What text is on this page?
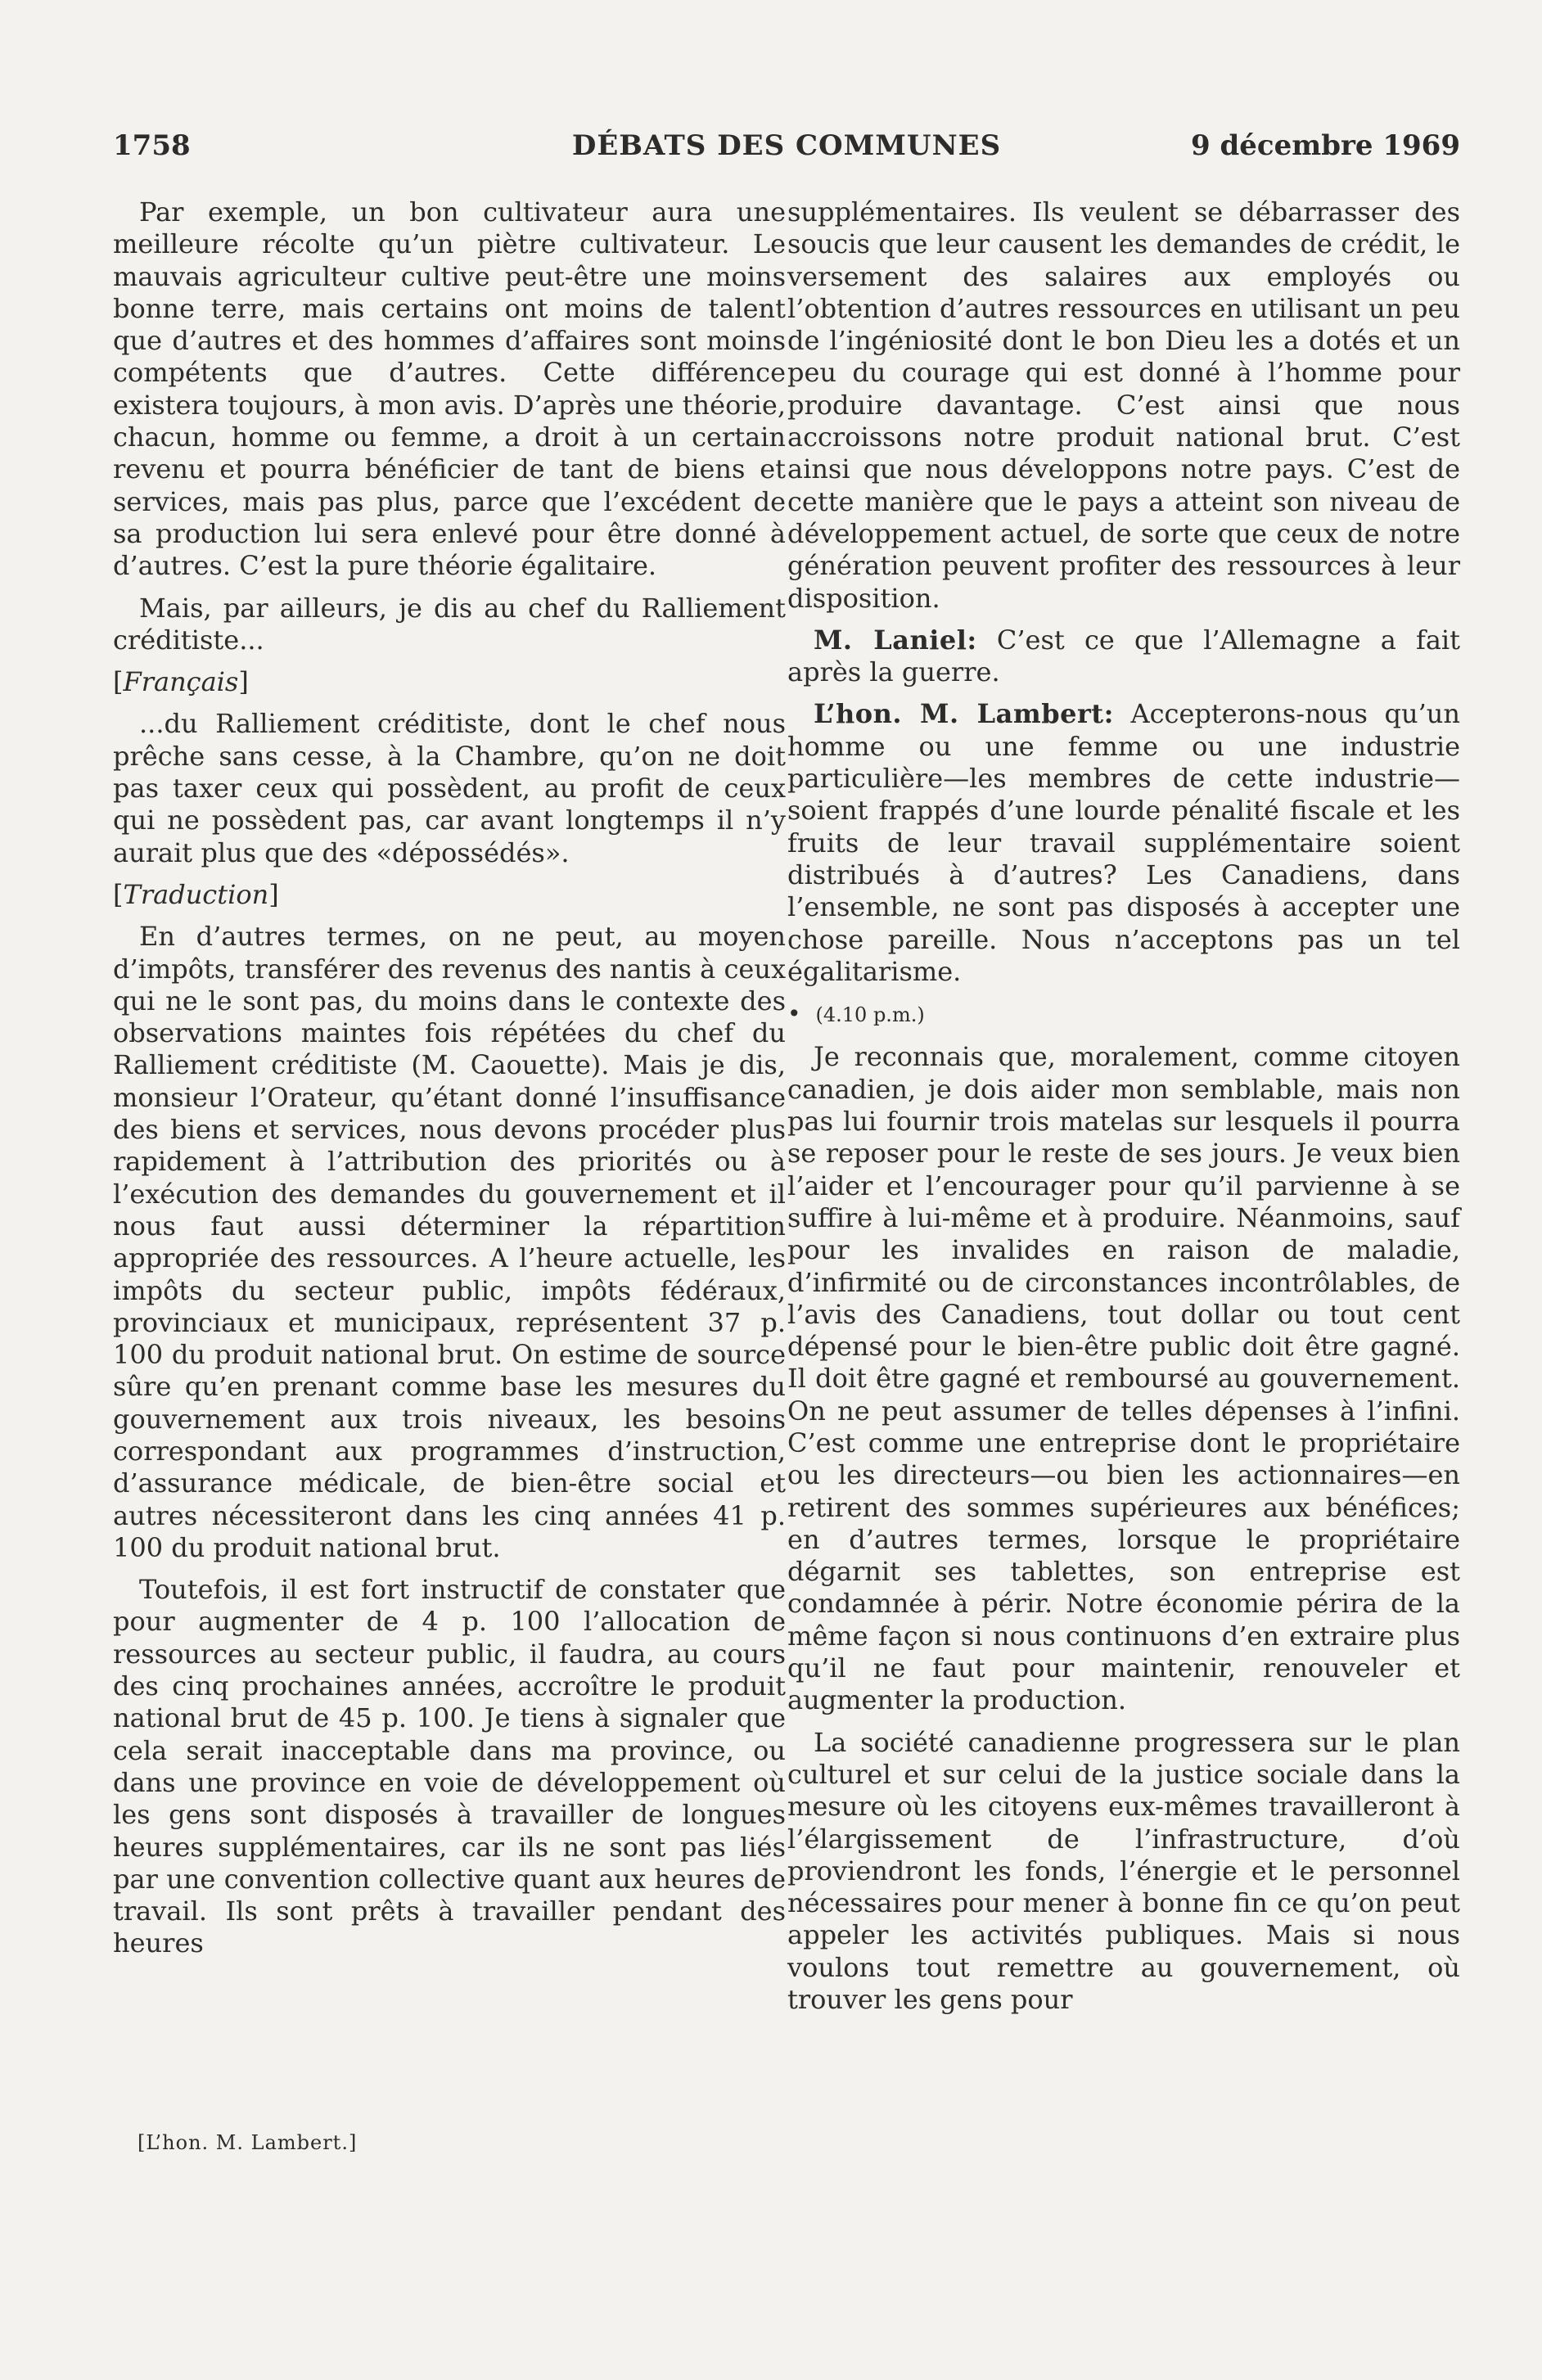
1758	DÉBATS DES COMMUNES	9 décembre 1969

Par exemple, un bon cultivateur aura une meilleure récolte qu’un piètre cultivateur. Le mauvais agriculteur cultive peut-être une moins bonne terre, mais certains ont moins de talent que d’autres et des hommes d’affaires sont moins compétents que d’autres. Cette différence existera toujours, à mon avis. D’après une théorie, chacun, homme ou femme, a droit à un certain revenu et pourra bénéficier de tant de biens et services, mais pas plus, parce que l’excédent de sa production lui sera enlevé pour être donné à d’autres. C’est la pure théorie égalitaire.

Mais, par ailleurs, je dis au chef du Ralliement créditiste...

[Français]

...du Ralliement créditiste, dont le chef nous prêche sans cesse, à la Chambre, qu’on ne doit pas taxer ceux qui possèdent, au profit de ceux qui ne possèdent pas, car avant longtemps il n’y aurait plus que des «dépossédés».

[Traduction]

En d’autres termes, on ne peut, au moyen d’impôts, transférer des revenus des nantis à ceux qui ne le sont pas, du moins dans le contexte des observations maintes fois répétées du chef du Ralliement créditiste (M. Caouette). Mais je dis, monsieur l’Orateur, qu’étant donné l’insuffisance des biens et services, nous devons procéder plus rapidement à l’attribution des priorités ou à l’exécution des demandes du gouvernement et il nous faut aussi déterminer la répartition appropriée des ressources. A l’heure actuelle, les impôts du secteur public, impôts fédéraux, provinciaux et municipaux, représentent 37 p. 100 du produit national brut. On estime de source sûre qu’en prenant comme base les mesures du gouvernement aux trois niveaux, les besoins correspondant aux programmes d’instruction, d’assurance médicale, de bien-être social et autres nécessiteront dans les cinq années 41 p. 100 du produit national brut.

Toutefois, il est fort instructif de constater que pour augmenter de 4 p. 100 l’allocation de ressources au secteur public, il faudra, au cours des cinq prochaines années, accroître le produit national brut de 45 p. 100. Je tiens à signaler que cela serait inacceptable dans ma province, ou dans une province en voie de développement où les gens sont disposés à travailler de longues heures supplémentaires, car ils ne sont pas liés par une convention collective quant aux heures de travail. Ils sont prêts à travailler pendant des heures

[L’hon. M. Lambert.]

supplémentaires. Ils veulent se débarrasser des soucis que leur causent les demandes de crédit, le versement des salaires aux employés ou l’obtention d’autres ressources en utilisant un peu de l’ingéniosité dont le bon Dieu les a dotés et un peu du courage qui est donné à l’homme pour produire davantage. C’est ainsi que nous accroissons notre produit national brut. C’est ainsi que nous développons notre pays. C’est de cette manière que le pays a atteint son niveau de développement actuel, de sorte que ceux de notre génération peuvent profiter des ressources à leur disposition.

M. Laniel: C’est ce que l’Allemagne a fait après la guerre.

L’hon. M. Lambert: Accepterons-nous qu’un homme ou une femme ou une industrie particulière—les membres de cette industrie—soient frappés d’une lourde pénalité fiscale et les fruits de leur travail supplémentaire soient distribués à d’autres? Les Canadiens, dans l’ensemble, ne sont pas disposés à accepter une chose pareille. Nous n’acceptons pas un tel égalitarisme.

• (4.10 p.m.)

Je reconnais que, moralement, comme citoyen canadien, je dois aider mon semblable, mais non pas lui fournir trois matelas sur lesquels il pourra se reposer pour le reste de ses jours. Je veux bien l’aider et l’encourager pour qu’il parvienne à se suffire à lui-même et à produire. Néanmoins, sauf pour les invalides en raison de maladie, d’infirmité ou de circonstances incontrôlables, de l’avis des Canadiens, tout dollar ou tout cent dépensé pour le bien-être public doit être gagné. Il doit être gagné et remboursé au gouvernement. On ne peut assumer de telles dépenses à l’infini. C’est comme une entreprise dont le propriétaire ou les directeurs—ou bien les actionnaires—en retirent des sommes supérieures aux bénéfices; en d’autres termes, lorsque le propriétaire dégarnit ses tablettes, son entreprise est condamnée à périr. Notre économie périra de la même façon si nous continuons d’en extraire plus qu’il ne faut pour maintenir, renouveler et augmenter la production.

La société canadienne progressera sur le plan culturel et sur celui de la justice sociale dans la mesure où les citoyens eux-mêmes travailleront à l’élargissement de l’infrastructure, d’où proviendront les fonds, l’énergie et le personnel nécessaires pour mener à bonne fin ce qu’on peut appeler les activités publiques. Mais si nous voulons tout remettre au gouvernement, où trouver les gens pour
